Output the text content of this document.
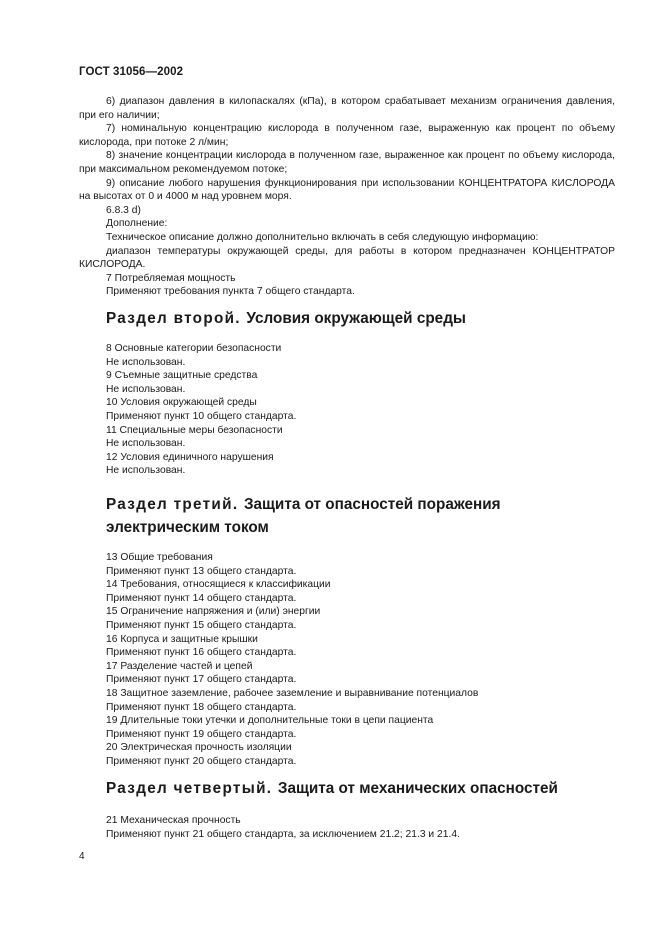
ГОСТ 31056—2002

6) диапазон давления в килопаскалях (кПа), в котором срабатывает механизм ограничения давления, при его наличии;

7) номинальную концентрацию кислорода в полученном газе, выраженную как процент по объему кислорода, при потоке 2 л/мин;

8) значение концентрации кислорода в полученном газе, выраженное как процент по объему кислорода, при максимальном рекомендуемом потоке;

9) описание любого нарушения функционирования при использовании КОНЦЕНТРАТОРА КИСЛОРОДА на высотах от 0 и 4000 м над уровнем моря.

6.8.3 d)

Дополнение:

Техническое описание должно дополнительно включать в себя следующую информацию:

диапазон температуры окружающей среды, для работы в котором предназначен КОНЦЕНТРАТОР КИСЛОРОДА.

7 Потребляемая мощность

Применяют требования пункта 7 общего стандарта.

Раздел второй. Условия окружающей среды

8 Основные категории безопасности

Не использован.

9 Съемные защитные средства

Не использован.

10 Условия окружающей среды

Применяют пункт 10 общего стандарта.

11 Специальные меры безопасности

Не использован.

12 Условия единичного нарушения

Не использован.

Раздел третий. Защита от опасностей поражения
электрическим током

13 Общие требования

Применяют пункт 13 общего стандарта.

14 Требования, относящиеся к классификации

Применяют пункт 14 общего стандарта.

15 Ограничение напряжения и (или) энергии

Применяют пункт 15 общего стандарта.

16 Корпуса и защитные крышки

Применяют пункт 16 общего стандарта.

17 Разделение частей и цепей

Применяют пункт 17 общего стандарта.

18 Защитное заземление, рабочее заземление и выравнивание потенциалов

Применяют пункт 18 общего стандарта.

19 Длительные токи утечки и дополнительные токи в цепи пациента

Применяют пункт 19 общего стандарта.

20 Электрическая прочность изоляции

Применяют пункт 20 общего стандарта.

Раздел четвертый. Защита от механических опасностей

21 Механическая прочность

Применяют пункт 21 общего стандарта, за исключением 21.2; 21.3 и 21.4.

4
